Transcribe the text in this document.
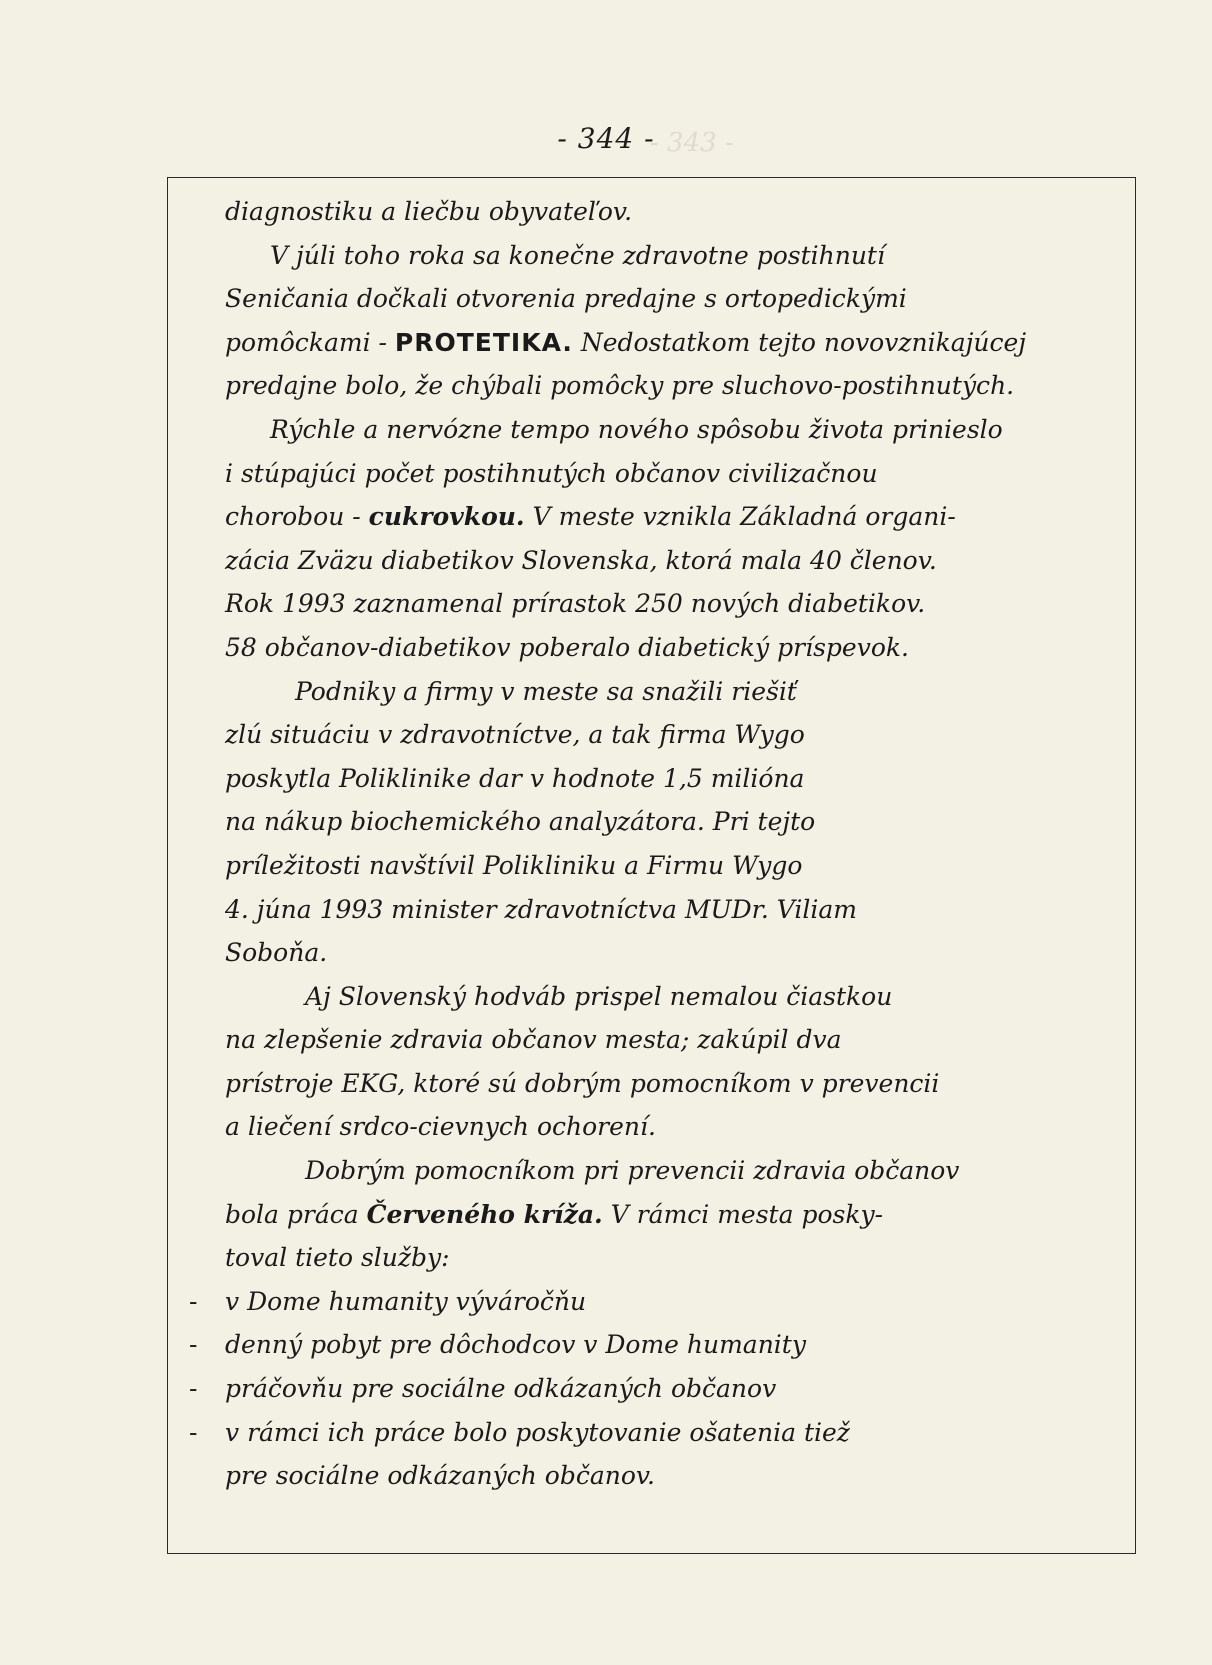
- 343 -
- 344 -
diagnostiku a liečbu obyvateľov.
V júli toho roka sa konečne zdravotne postihnutí
Seničania dočkali otvorenia predajne s ortopedickými
pomôckami - PROTETIKA. Nedostatkom tejto novovznikajúcej
predajne bolo, že chýbali pomôcky pre sluchovo-postihnutých.
Rýchle a nervózne tempo nového spôsobu života prinieslo
i stúpajúci počet postihnutých občanov civilizačnou
chorobou - cukrovkou. V meste vznikla Základná organi-
zácia Zväzu diabetikov Slovenska, ktorá mala 40 členov.
Rok 1993 zaznamenal prírastok 250 nových diabetikov.
58 občanov-diabetikov poberalo diabetický príspevok.
Podniky a firmy v meste sa snažili riešiť
zlú situáciu v zdravotníctve, a tak firma Wygo
poskytla Poliklinike dar v hodnote 1,5 milióna
na nákup biochemického analyzátora. Pri tejto
príležitosti navštívil Polikliniku a Firmu Wygo
4. júna 1993 minister zdravotníctva MUDr. Viliam
Soboňa.
Aj Slovenský hodváb prispel nemalou čiastkou
na zlepšenie zdravia občanov mesta; zakúpil dva
prístroje EKG, ktoré sú dobrým pomocníkom v prevencii
a liečení srdco-cievnych ochorení.
Dobrým pomocníkom pri prevencii zdravia občanov
bola práca Červeného kríža. V rámci mesta posky-
toval tieto služby:
- v Dome humanity výváročňu
- denný pobyt pre dôchodcov v Dome humanity
- práčovňu pre sociálne odkázaných občanov
- v rámci ich práce bolo poskytovanie ošatenia tiež
pre sociálne odkázaných občanov.
